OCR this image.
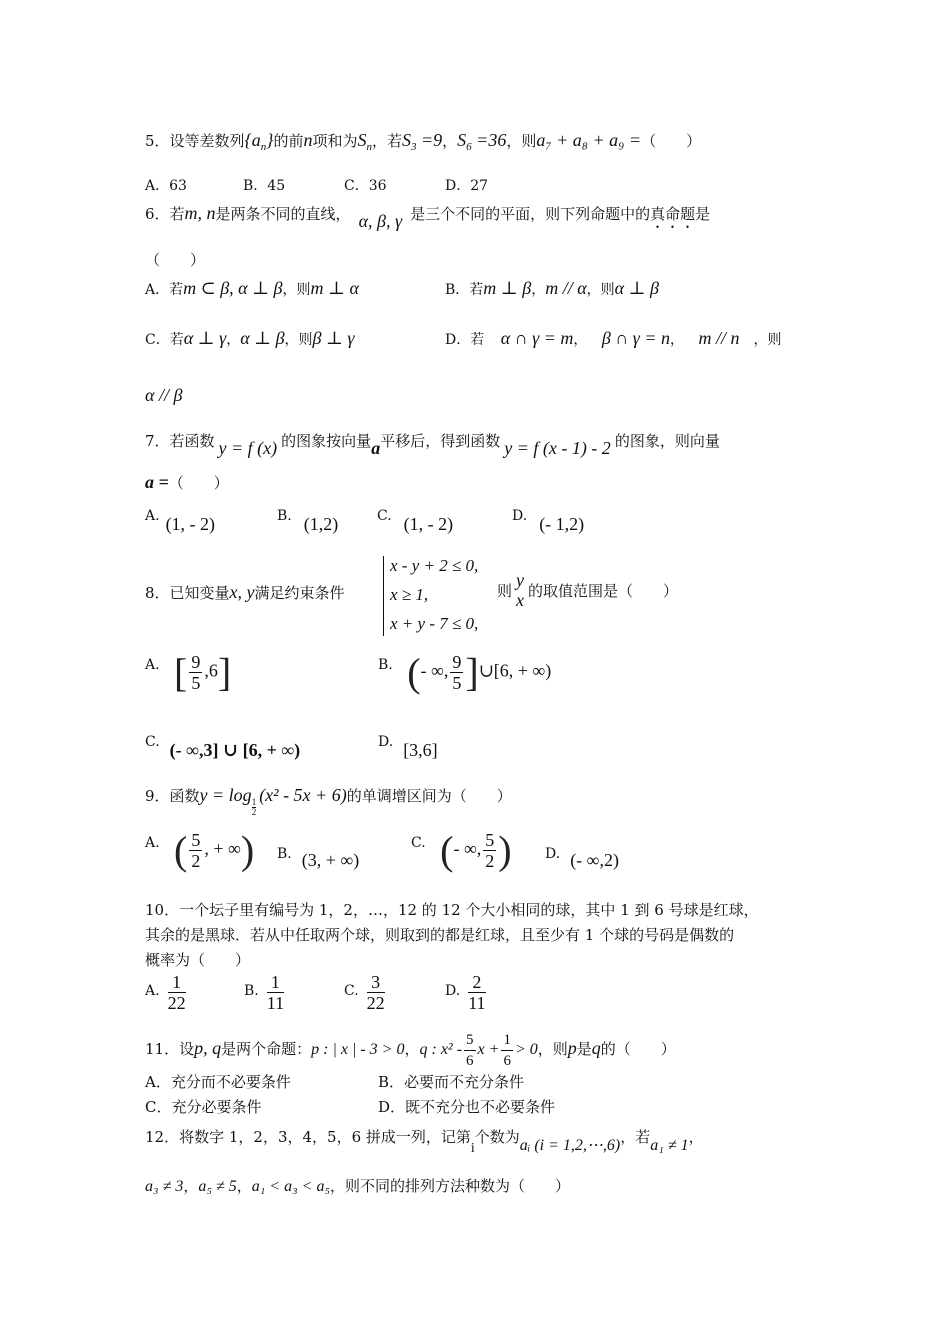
5．设等差数列$\{a_n\}$的前n项和为$S_n$，若$S_3 =9$，$S_6 =36$，则a₇ + a₈ + a₉ =（　　）
A．63	B．45	C．36	D．27
6．若m, n是两条不同的直线， α, β, γ 是三个不同的平面，则下列命题中的真命题是
（　　）
A．若m ⊂ β, α ⊥ β，则m ⊥ α	B．若m ⊥ β，m // α，则α ⊥ β
C．若α ⊥ γ，α ⊥ β，则β ⊥ γ	D．若 α ∩ γ = m， β ∩ γ = n， m // n ，则
α // β
7．若函数 y = f (x) 的图象按向量a平移后，得到函数 y = f (x - 1) - 2 的图象，则向量
a =（　　）
A. (1, - 2)	B. (1,2)	C. (1, - 2)	D. (- 1,2)
8．已知变量x, y满足约束条件
x - y + 2 ≤ 0,
x ≥ 1,
x + y - 7 ≤ 0,
则
y
x 的取值范围是（　　）
A. [ $\frac{9}{5} ,6$]	B. (- ∞, $\frac{9}{5}$ ]∪[6, + ∞)
C. (- ∞,3] ∪ [6, + ∞)	D. [3,6]
9．函数y = log
$\frac{1}{2}$
(x² - 5x + 6)的单调增区间为（　　）
A. ( $\frac{5}{2}$ , + ∞) B. (3, + ∞)
C. (- ∞, $\frac{5}{2}$ ) D. (- ∞,2)
10．一个坛子里有编号为 1，2，…，12 的 12 个大小相同的球，其中 1 到 6 号球是红球，
其余的是黑球．若从中任取两个球，则取到的都是红球，且至少有 1 个球的号码是偶数的
概率为（　　）
A. $\frac{1}{22}$	B. $\frac{1}{11}$	C. $\frac{3}{22}$	D. $\frac{2}{11}$
11．设p, q是两个命题：p : | x | - 3 > 0，q : $x^2 - \frac{5}{6}$ $x + \frac{1}{6} > 0$，则p是q的（　　）
A．充分而不必要条件	B．必要而不充分条件
C．充分必要条件	D．既不充分也不必要条件
12．将数字 1，2，3，4，5，6 拼成一列，记第i个数为aᵢ (i = 1,2,⋯,6)，若a₁ ≠ 1，
a₃ ≠ 3，a₅ ≠ 5，a₁ < a₃ < a₅，则不同的排列方法种数为（　　）
